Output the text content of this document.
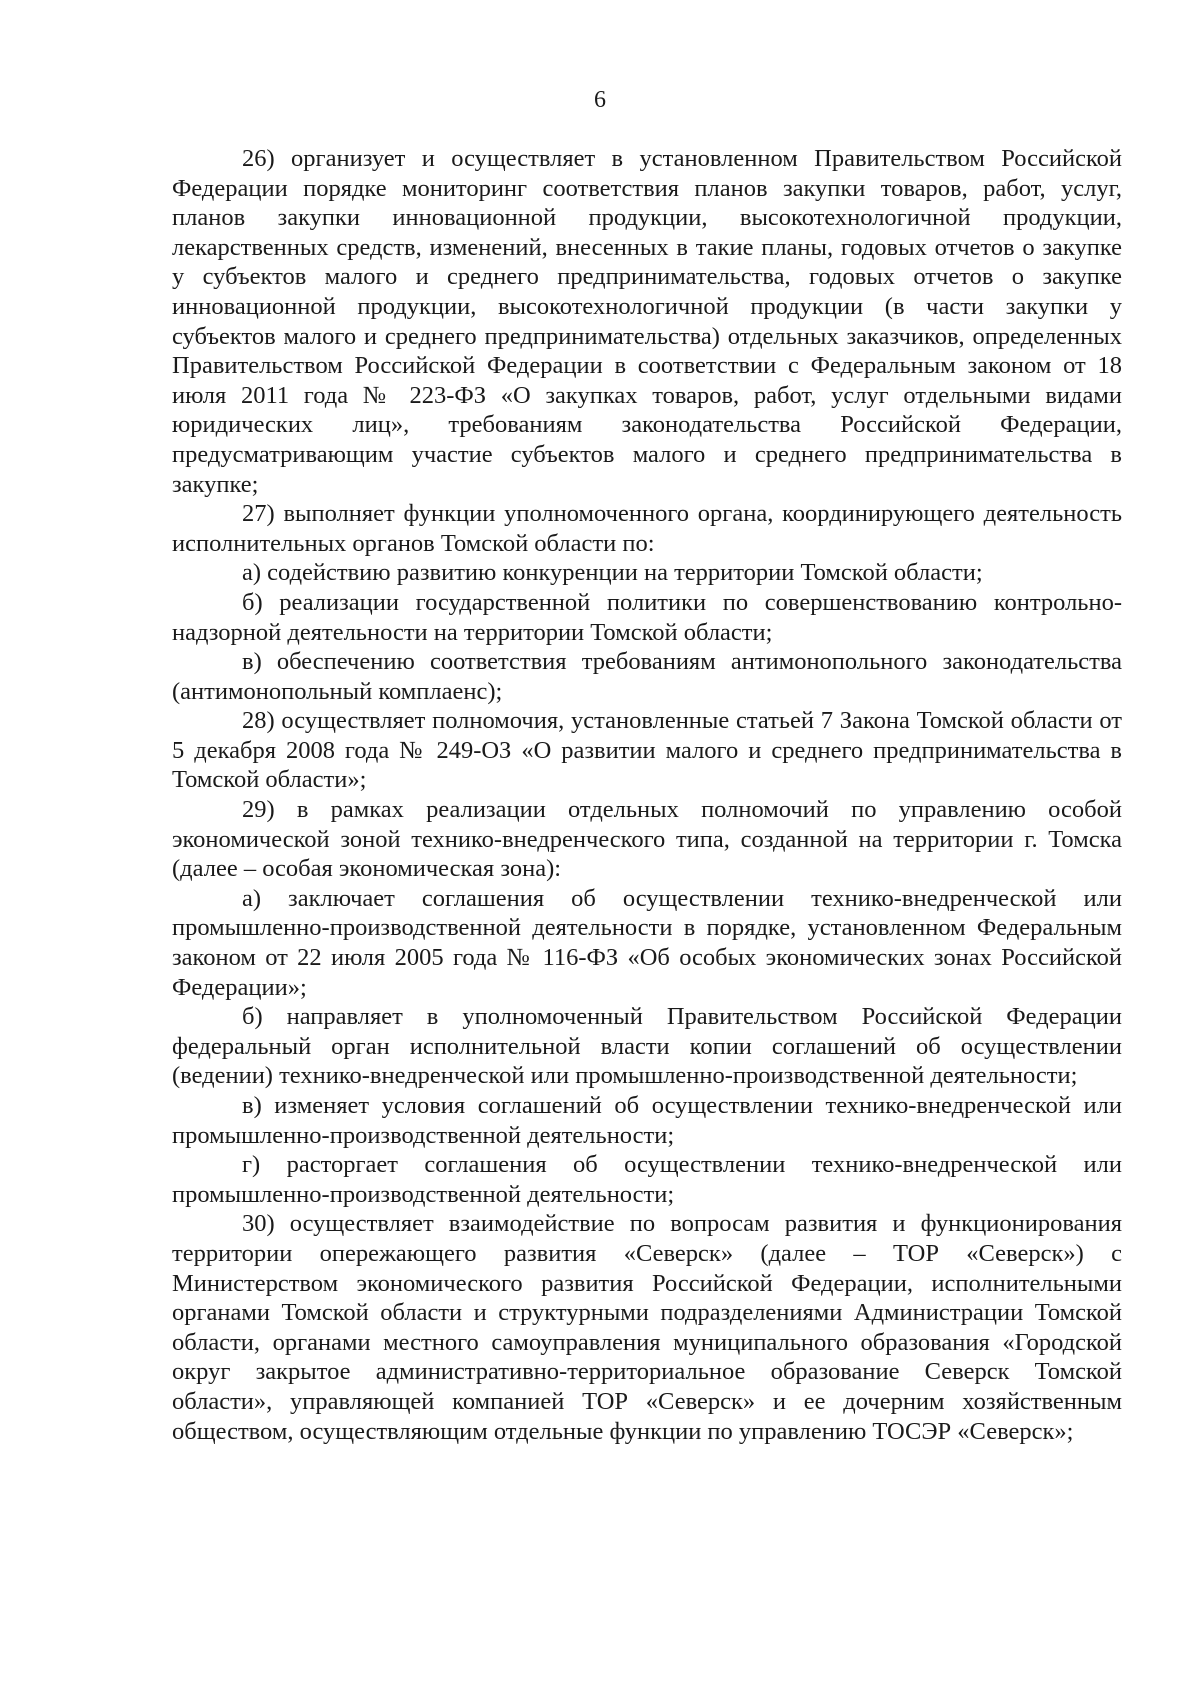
6

26) организует и осуществляет в установленном Правительством Российской Федерации порядке мониторинг соответствия планов закупки товаров, работ, услуг, планов закупки инновационной продукции, высокотехнологичной продукции, лекарственных средств, изменений, внесенных в такие планы, годовых отчетов о закупке у субъектов малого и среднего предпринимательства, годовых отчетов о закупке инновационной продукции, высокотехнологичной продукции (в части закупки у субъектов малого и среднего предпринимательства) отдельных заказчиков, определенных Правительством Российской Федерации в соответствии с Федеральным законом от 18 июля 2011 года № 223-ФЗ «О закупках товаров, работ, услуг отдельными видами юридических лиц», требованиям законодательства Российской Федерации, предусматривающим участие субъектов малого и среднего предпринимательства в закупке;

27) выполняет функции уполномоченного органа, координирующего деятельность исполнительных органов Томской области по:

а) содействию развитию конкуренции на территории Томской области;

б) реализации государственной политики по совершенствованию контрольно-надзорной деятельности на территории Томской области;

в) обеспечению соответствия требованиям антимонопольного законодательства (антимонопольный комплаенс);

28) осуществляет полномочия, установленные статьей 7 Закона Томской области от 5 декабря 2008 года № 249-ОЗ «О развитии малого и среднего предпринимательства в Томской области»;

29) в рамках реализации отдельных полномочий по управлению особой экономической зоной технико-внедренческого типа, созданной на территории г. Томска (далее – особая экономическая зона):

а) заключает соглашения об осуществлении технико-внедренческой или промышленно-производственной деятельности в порядке, установленном Федеральным законом от 22 июля 2005 года № 116-ФЗ «Об особых экономических зонах Российской Федерации»;

б) направляет в уполномоченный Правительством Российской Федерации федеральный орган исполнительной власти копии соглашений об осуществлении (ведении) технико-внедренческой или промышленно-производственной деятельности;

в) изменяет условия соглашений об осуществлении технико-внедренческой или промышленно-производственной деятельности;

г) расторгает соглашения об осуществлении технико-внедренческой или промышленно-производственной деятельности;

30) осуществляет взаимодействие по вопросам развития и функционирования территории опережающего развития «Северск» (далее – ТОР «Северск») с Министерством экономического развития Российской Федерации, исполнительными органами Томской области и структурными подразделениями Администрации Томской области, органами местного самоуправления муниципального образования «Городской округ закрытое административно-территориальное образование Северск Томской области», управляющей компанией ТОР «Северск» и ее дочерним хозяйственным обществом, осуществляющим отдельные функции по управлению ТОСЭР «Северск»;
